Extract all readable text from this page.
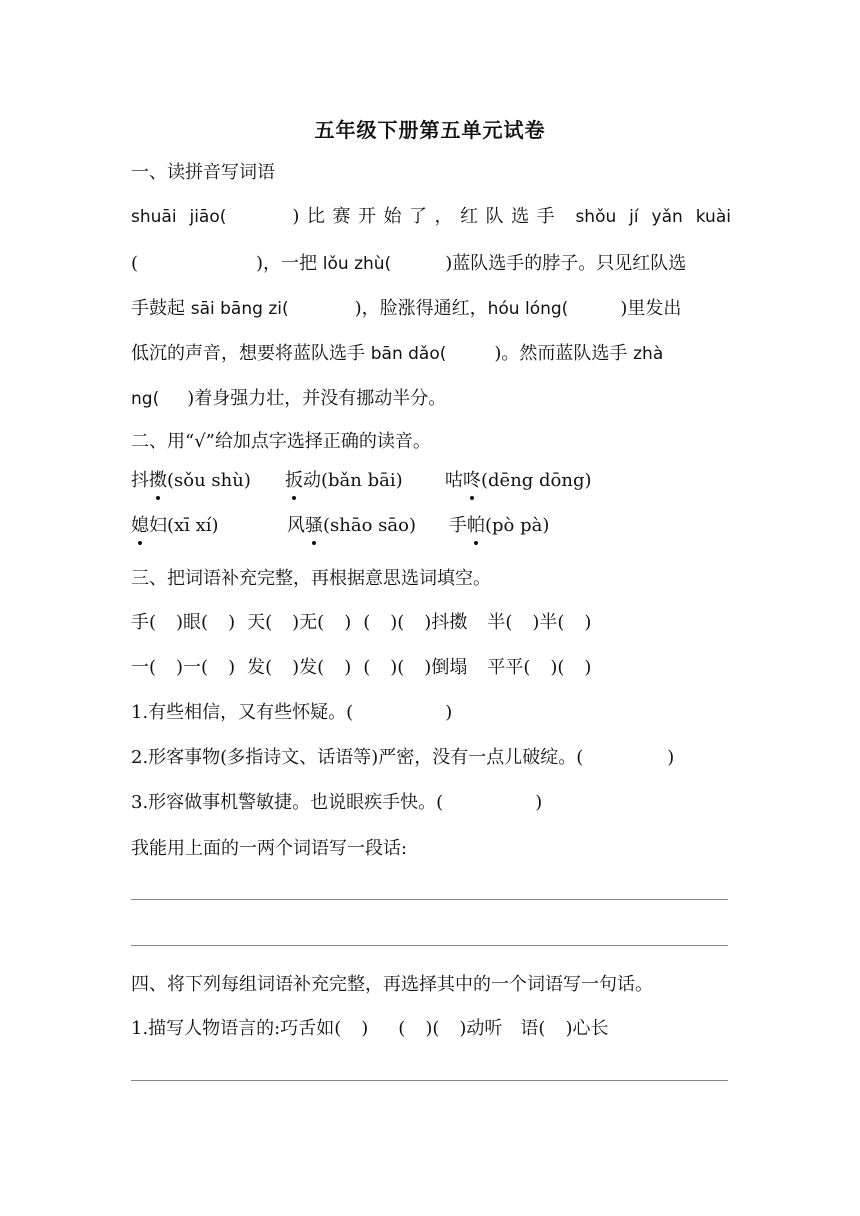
五年级下册第五单元试卷
一、读拼音写词语
shuāi jiāo(	)比赛开始了，红队选手 shǒu jí yǎn kuài
(	)，一把 lǒu zhù(	)蓝队选手的脖子。只见红队选
手鼓起 sāi bāng zi(	)，脸涨得通红，hóu lóng(	)里发出
低沉的声音，想要将蓝队选手 bān dǎo(	)。然而蓝队选手 zhà
ng( )着身强力壮，并没有挪动半分。
二、用“√”给加点字选择正确的读音。
抖擞(sǒu shù)	扳动(bǎn bāi)	咕咚(dēng dōng)
媳妇(xī xí)	风骚(shāo sāo)	手帕(pò pà)
三、把词语补充完整，再根据意思选词填空。
手( )眼( ) 天( )无( ) ( )( )抖擞 半( )半( )
一( )一( ) 发( )发( ) ( )( )倒塌 平平( )( )
1.有些相信，又有些怀疑。(	)
2.形客事物(多指诗文、话语等)严密，没有一点儿破绽。(	)
3.形容做事机警敏捷。也说眼疾手快。(	)
我能用上面的一两个词语写一段话:
四、将下列每组词语补充完整，再选择其中的一个词语写一句话。
1.描写人物语言的:巧舌如( ) ( )( )动听 语( )心长
